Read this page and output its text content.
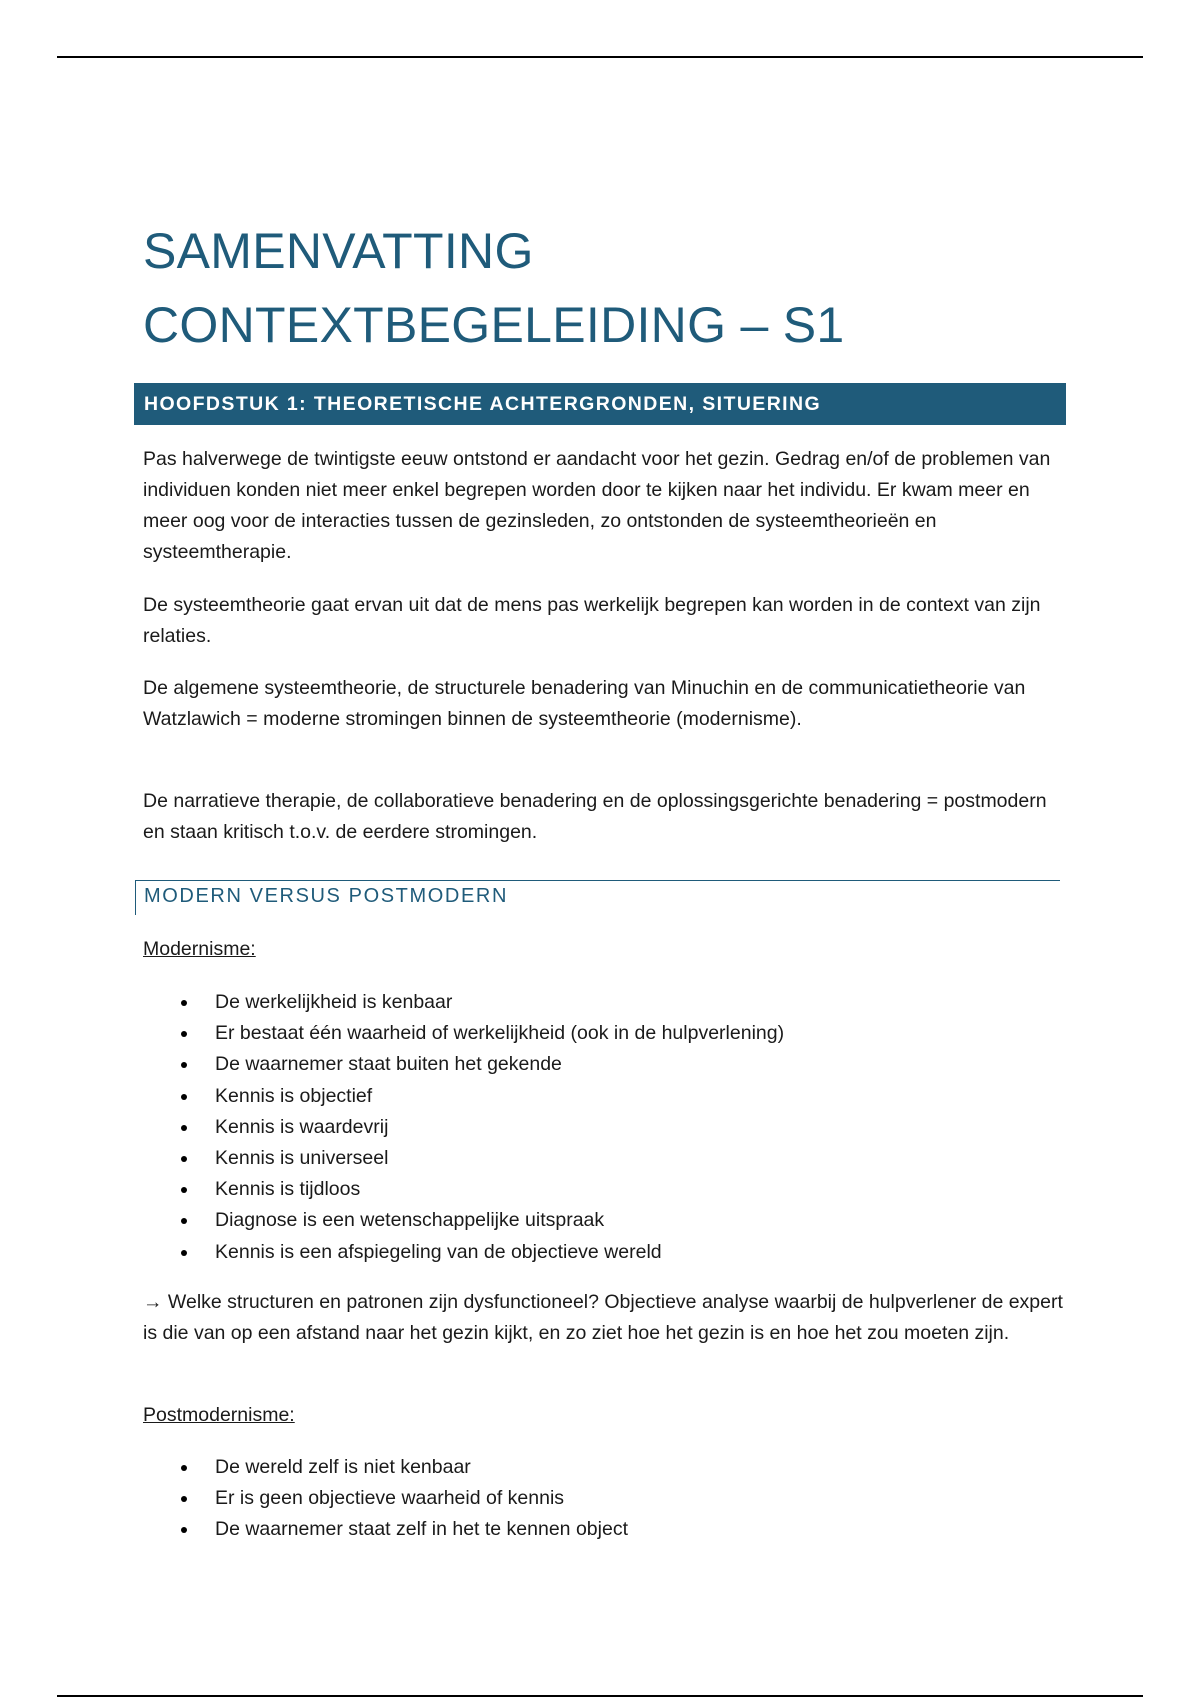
SAMENVATTING
CONTEXTBEGELEIDING – S1
HOOFDSTUK 1: THEORETISCHE ACHTERGRONDEN, SITUERING

Pas halverwege de twintigste eeuw ontstond er aandacht voor het gezin. Gedrag en/of de problemen van individuen konden niet meer enkel begrepen worden door te kijken naar het individu. Er kwam meer en meer oog voor de interacties tussen de gezinsleden, zo ontstonden de systeemtheorieën en systeemtherapie.

De systeemtheorie gaat ervan uit dat de mens pas werkelijk begrepen kan worden in de context van zijn relaties.

De algemene systeemtheorie, de structurele benadering van Minuchin en de communicatietheorie van Watzlawich = moderne stromingen binnen de systeemtheorie (modernisme).

De narratieve therapie, de collaboratieve benadering en de oplossingsgerichte benadering = postmodern en staan kritisch t.o.v. de eerdere stromingen.

MODERN VERSUS POSTMODERN

Modernisme:

De werkelijkheid is kenbaar
Er bestaat één waarheid of werkelijkheid (ook in de hulpverlening)
De waarnemer staat buiten het gekende
Kennis is objectief
Kennis is waardevrij
Kennis is universeel
Kennis is tijdloos
Diagnose is een wetenschappelijke uitspraak
Kennis is een afspiegeling van de objectieve wereld

→ Welke structuren en patronen zijn dysfunctioneel? Objectieve analyse waarbij de hulpverlener de expert is die van op een afstand naar het gezin kijkt, en zo ziet hoe het gezin is en hoe het zou moeten zijn.

Postmodernisme:

De wereld zelf is niet kenbaar
Er is geen objectieve waarheid of kennis
De waarnemer staat zelf in het te kennen object
